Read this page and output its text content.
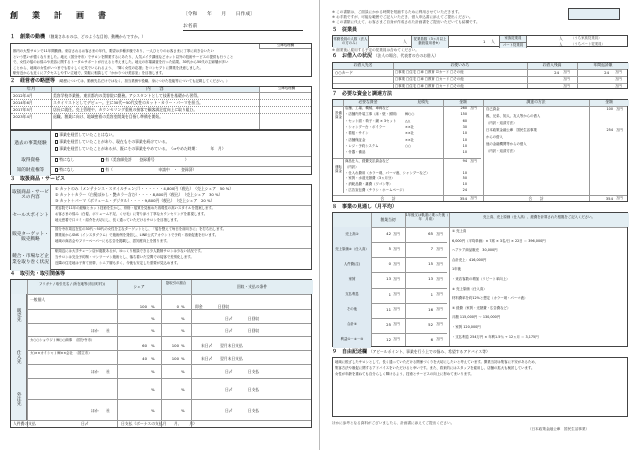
創　業　計　画　書	〔令和　　年　　月　　日作成〕
お名前
１　創業の動機 （創業されるのは、どのような目的、動機からですか。）
公庫処理欄
都内の大型サロンで11年間勤務。来店されるお客さまの年代、要望は多種多様であり、一人ひとりのお客さまに丁寧に向き合いたい
という思いが強くなりました。地元（国分寺市）でサロンを開業するにあたり、人気メイク講座などカット以外の技術サービスの提供も行うこと
で、女性の髪のお悩みや美容に関するトータルサポートが行えると考えました。地元の市場調査を行った結果、30代から50代の主婦層が多い
ことから、地域の女性がいつまでも若々しく元気でいられるよう、「輝く女性の応援」をコンセプトに開業を決意しました。
駅付近からも近くにアクセスしやすい立地で、気軽に相談して「かかりつけ美容室」を目指します。
２　経営者の略歴等 （略歴については、勤務先名だけではなく、担当業務や役職、身につけた技能等についても記載してください。）
年月	内　　容	公庫処理欄
2012年4月	美容学校卒業後、東京都内の美容院に勤務。アシスタントとして技術を基礎から習得。
2014年6月	スタイリストとしてデビュー。主に30代～50代女性のカット・カラー・パーマを担当。
2017年5月	店長に就任。売上管理や、カウンセリング重視の接客で顧客満足度向上に取り組む。
2023年4月	退職。創業に向け、地域密着の美容室開業を目指し準備を開始。
過去の事業経験
事業を経営していたことはない。
事業を経営していたことがあり、現在もその事業を続けている。
事業を経営していたことがあるが、既にその事業をやめている。（⇒やめた時期：　　　年　月）
取得資格	特になし	✓有（美容師免許　　登録番号　　　　　　　　）
知的財産権等	✓特になし	有（　　　　　　　　　　　　申請中　・　登録済）
３　取扱商品・サービス
取扱商品・サービスの内容
① カットのみ（メンテナンス・スタイルチェンジ）・・・・・・4,800円（税込）　（売上シェア　50 %）
② カット＋カラー（白髪ぼかし・艶カラー含む）・・・・8,800円（税込）　（売上シェア　30 %）
③ カット＋パーマ（ボリューム・デジタル）・・・・9,800円（税込）　（売上シェア　20 %）
セールスポイント
美容院で11年の経験とカット技術を生かし、骨格・髪質を見極めた再現性の高いスタイルを提案します。
お客さまの悩み（白髪、ボリューム不足、くせ毛）に寄り添う丁寧なカウンセリングを重視します。
地元密着で口コミ・紹介を大切にし、長く通っていただけるサロンを目指します。
販売ターゲット・販売戦略
国分寺市周辺在住の30代～50代の女性を主なターゲットとし、「髪を整えて毎日を前向きに」を打ち出します。
開業前からSNS（インスタグラム）で施術例を発信し、LINE公式アカウントで予約・再来促進を行います。
地域の商店会やフリーペーパーにも広告を掲載し、認知度向上を図ります。
競合・市場など企業を取り巻く状況
駅周辺には大手チェーン店が複数あるが、ゆっくり相談できる少人数制サロンは少ない状況です。
当サロンは完全予約制・マンツーマン施術とし、落ち着いた空間での接客で差別化します。
近隣の住宅地は子育て世帯、シニア層も多く、今後も安定した需要が見込めます。
４　取引先・取引関係等
フリガナ / 取引先名 / (所在地等(市区町村))	シェア
掛取引の割合
回収・支払の条件
販売先
一般個人
100 %	0 %	即金　　　　	日回収
%	%	日〆　　　　	日回収
ほか　　社	%	%	日〆　　　　	日回収
仕入先
カ○○ショウジ / ㈱○○商事　（国分寺市）
60 %	100 %	末日〆　　 翌月末日支払
カ)××カイシャ / ㈱××会社　（国立市）
40 %	100 %	末日〆　　 翌月末日支払
ほか　　社	%	%	日〆　　　　	日支払
外注先
%	%	日〆　　　　	日支払
ほか　　社	%	%	日〆　　　　	日支払
人件費の支払	日〆	日支払（ボーナスの支払月　　月、　　月）
※ この書類は、ご面談にかかる時間を短縮するために利用させていただきます。
※ お手数ですが、可能な範囲でご記入いただき、借入申込書に添えてご提出ください。
※ この書類に代えて、お客さまご自身が作成された計画書をご提出いただいても結構です。
５　従業員
常勤役員の人数（法人の方のみ）	人	従業員数（3ヵ月以上継続雇用者※）	1 人
家族従業員	人
パート従業員	人
（うち家族従業員）
（うちパート従業員）
※ 創業後に雇用する予定の従業員は含めてください。
６　お借入の状況 （法人の場合、代表者の方のお借入）
お借入先名	お使いみち	お借入残高	年間返済額
○○カード	□事業 □住宅 □車 □教育 ☑カード □その他	24 万円	24 万円
□事業 □住宅 □車 □教育 □カード □その他	万円	万円
□事業 □住宅 □車 □教育 □カード □その他	万円	万円
７　必要な資金と調達方法
必要な資金	見積先	金額	調達の方法	金額
設備資金
店舗、工場、機械、車両など	260 万円
・店舗内外装工事（床・壁・照明）	㈱○○	150
・セット面・椅子・鏡 × 3セット	△△	60
・シャンプー台・ボイラー	××社	30
・看板・サイン	××社	10
・店舗保証金	××社	10
・レジ・予約システム	○○	10
・什器・備品	10
運転資金
商品仕入、経費支払資金など	94 万円
（内訳）
・仕入れ費用（カラー剤、パーマ液、シャンプーなど）	10
・家賃・水道光熱費（3ヵ月分）	50
・消耗品費・雑費（ワゴン等）	10
・広告宣伝費（チラシ・ホームページ）	24
自己資金	100 万円
親、兄弟、知人、友人等からの借入
（内訳・返済方法）
日本政策金融公庫　国民生活事業	254 万円
からの借入
他の金融機関等からの借入
（内訳・返済方法）
合　　計	354 万円	合　　計	354 万円
８　事業の見通し（月平均）
創業当初
1年後又は軌道に乗った後（　年　月頃）	売上高、売上原価（仕入高）、経費を計算された根拠をご記入ください。
売上高①	42 万円	65 万円
売上原価②（仕入高）	5 万円	7 万円
人件費(注)	0 万円	15 万円
家賃	13 万円	13 万円
支払利息	1 万円	1 万円
その他	11 万円	16 万円
合計③	25 万円	52 万円
利益①－②－③	12 万円	6 万円
① 売上高
6,000円（平均単価）× 7席 × 3名/日 × 22日 ＝ 396,000円
ヘアケア商品販売　30,000円
合計売上：416,000円
1年後
・来店客数の増加（リピート率向上）
② 売上原価（仕入高）
材料費率を約12%と想定（カラー剤・パーマ液）
③ 経費（家賃・光熱費・広告費など）
月額 115,000円 ～ 130,000円
・家賃 120,000円
・支払利息 254万円 × 年利1.5％ ÷ 12ヵ月 ＝ 3,175円
９　自由記述欄 （アピールポイント、事業を行う上での悩み、希望するアドバイス等）
地域に根ざしたサロンとして、長く通っていただける関係づくりを大切にしたいと考えています。開業当初は集客に不安があるため、
集客方法や販促に関するアドバイスをいただけると幸いです。また、将来的にはスタッフを雇用し、店舗の拡大も検討しています。
女性が年齢を重ねても自分らしく輝けるよう、技術とサービスの向上に努めてまいります。
ほかに参考となる資料がございましたら、計画書に添えてご提出ください。
（日本政策金融公庫　国民生活事業）
